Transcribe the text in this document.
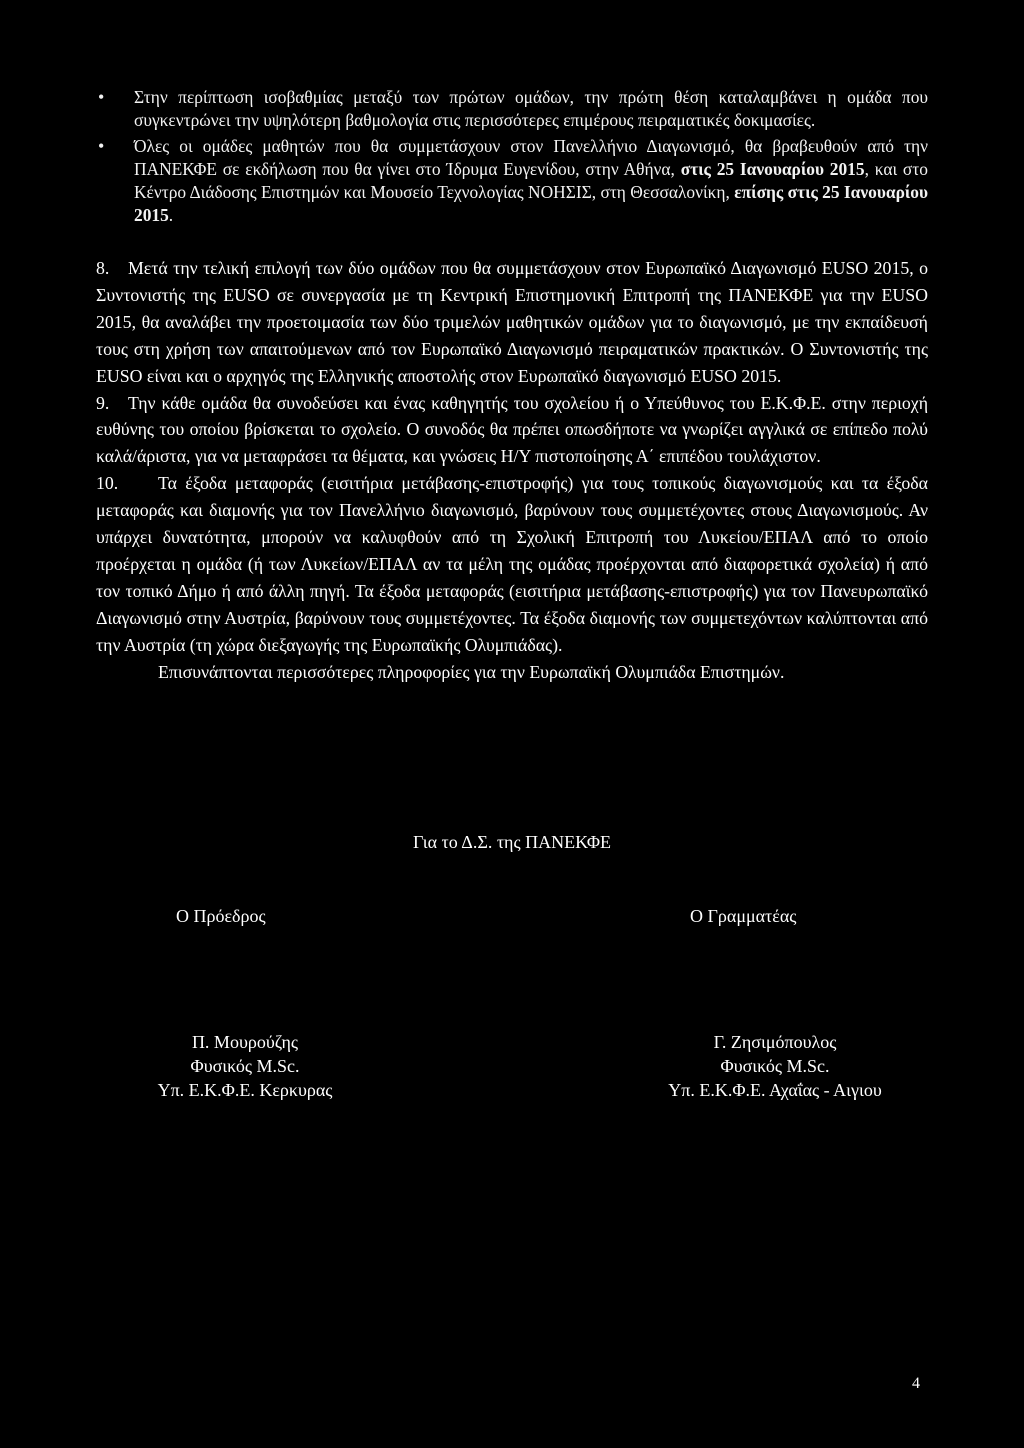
• Στην περίπτωση ισοβαθμίας μεταξύ των πρώτων ομάδων, την πρώτη θέση καταλαμβάνει η ομάδα που συγκεντρώνει την υψηλότερη βαθμολογία στις περισσότερες επιμέρους πειραματικές δοκιμασίες.
• Όλες οι ομάδες μαθητών που θα συμμετάσχουν στον Πανελλήνιο Διαγωνισμό, θα βραβευθούν από την ΠΑΝΕΚΦΕ σε εκδήλωση που θα γίνει στο Ίδρυμα Ευγενίδου, στην Αθήνα, στις 25 Ιανουαρίου 2015, και στο Κέντρο Διάδοσης Επιστημών και Μουσείο Τεχνολογίας ΝΟΗΣΙΣ, στη Θεσσαλονίκη, επίσης στις 25 Ιανουαρίου 2015.

8. Μετά την τελική επιλογή των δύο ομάδων που θα συμμετάσχουν στον Ευρωπαϊκό Διαγωνισμό EUSO 2015, ο Συντονιστής της EUSO σε συνεργασία με τη Κεντρική Επιστημονική Επιτροπή της ΠΑΝΕΚΦΕ για την EUSO 2015, θα αναλάβει την προετοιμασία των δύο τριμελών μαθητικών ομάδων για το διαγωνισμό, με την εκπαίδευσή τους στη χρήση των απαιτούμενων από τον Ευρωπαϊκό Διαγωνισμό πειραματικών πρακτικών. Ο Συντονιστής της EUSO είναι και ο αρχηγός της Ελληνικής αποστολής στον Ευρωπαϊκό διαγωνισμό EUSO 2015.

9. Την κάθε ομάδα θα συνοδεύσει και ένας καθηγητής του σχολείου ή ο Υπεύθυνος του Ε.Κ.Φ.Ε. στην περιοχή ευθύνης του οποίου βρίσκεται το σχολείο. Ο συνοδός θα πρέπει οπωσδήποτε να γνωρίζει αγγλικά σε επίπεδο πολύ καλά/άριστα, για να μεταφράσει τα θέματα, και γνώσεις Η/Υ πιστοποίησης Α΄ επιπέδου τουλάχιστον.

10. Τα έξοδα μεταφοράς (εισιτήρια μετάβασης-επιστροφής) για τους τοπικούς διαγωνισμούς και τα έξοδα μεταφοράς και διαμονής για τον Πανελλήνιο διαγωνισμό, βαρύνουν τους συμμετέχοντες στους Διαγωνισμούς. Αν υπάρχει δυνατότητα, μπορούν να καλυφθούν από τη Σχολική Επιτροπή του Λυκείου/ΕΠΑΛ από το οποίο προέρχεται η ομάδα (ή των Λυκείων/ΕΠΑΛ αν τα μέλη της ομάδας προέρχονται από διαφορετικά σχολεία) ή από τον τοπικό Δήμο ή από άλλη πηγή. Τα έξοδα μεταφοράς (εισιτήρια μετάβασης-επιστροφής) για τον Πανευρωπαϊκό Διαγωνισμό στην Αυστρία, βαρύνουν τους συμμετέχοντες. Τα έξοδα διαμονής των συμμετεχόντων καλύπτονται από την Αυστρία (τη χώρα διεξαγωγής της Ευρωπαϊκής Ολυμπιάδας).

Επισυνάπτονται περισσότερες πληροφορίες για την Ευρωπαϊκή Ολυμπιάδα Επιστημών.

Για το Δ.Σ. της ΠΑΝΕΚΦΕ
Ο Πρόεδρος	Ο Γραμματέας
Π. Μουρούζης
Φυσικός M.Sc.
Υπ. Ε.Κ.Φ.Ε. Κερκυρας
Γ. Ζησιμόπουλος
Φυσικός M.Sc.
Υπ. Ε.Κ.Φ.Ε. Αχαΐας - Αιγιου
4
